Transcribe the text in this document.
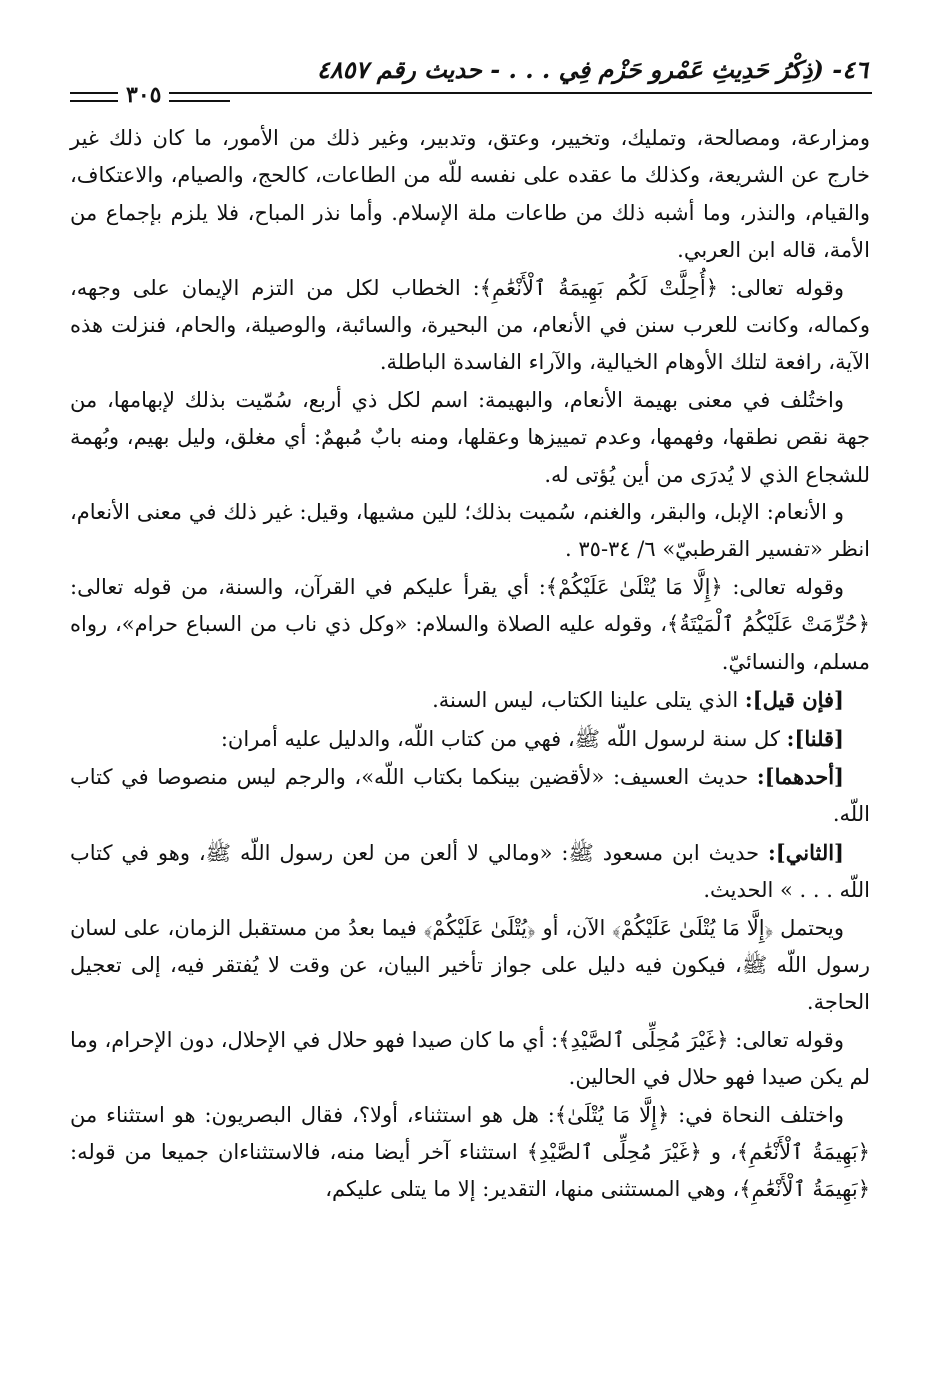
٤٦- (ذِكْرُ حَدِيثِ عَمْرو حَزْم فِي . . . - حديث رقم ٤٨٥٧
٣٠٥

ومزارعة، ومصالحة، وتمليك، وتخيير، وعتق، وتدبير، وغير ذلك من الأمور، ما كان ذلك غير خارج عن الشريعة، وكذلك ما عقده على نفسه للّه من الطاعات، كالحج، والصيام، والاعتكاف، والقيام، والنذر، وما أشبه ذلك من طاعات ملة الإسلام. وأما نذر المباح، فلا يلزم بإجماع من الأمة، قاله ابن العربي.

وقوله تعالى: ﴿أُحِلَّتْ لَكُم بَهِيمَةُ ٱلْأَنْعَٰمِ﴾: الخطاب لكل من التزم الإيمان على وجهه، وكماله، وكانت للعرب سنن في الأنعام، من البحيرة، والسائبة، والوصيلة، والحام، فنزلت هذه الآية، رافعة لتلك الأوهام الخيالية، والآراء الفاسدة الباطلة.

واختُلف في معنى بهيمة الأنعام، والبهيمة: اسم لكل ذي أربع، سُمّيت بذلك لإبهامها، من جهة نقص نطقها، وفهمها، وعدم تمييزها وعقلها، ومنه بابٌ مُبهمٌ: أي مغلق، وليل بهيم، وبُهمة للشجاع الذي لا يُدرَى من أين يُؤتى له.

و الأنعام: الإبل، والبقر، والغنم، سُميت بذلك؛ للين مشيها، وقيل: غير ذلك في معنى الأنعام، انظر «تفسير القرطبيّ» ٦/ ٣٤-٣٥ .

وقوله تعالى: ﴿إِلَّا مَا يُتْلَىٰ عَلَيْكُمْ﴾: أي يقرأ عليكم في القرآن، والسنة، من قوله تعالى: ﴿حُرِّمَتْ عَلَيْكُمُ ٱلْمَيْتَةُ﴾، وقوله عليه الصلاة والسلام: «وكل ذي ناب من السباع حرام»، رواه مسلم، والنسائيّ.

[فإن قيل]: الذي يتلى علينا الكتاب، ليس السنة.

[قلنا]: كل سنة لرسول اللّه ﷺ، فهي من كتاب اللّه، والدليل عليه أمران:

[أحدهما]: حديث العسيف: «لأقضين بينكما بكتاب اللّه»، والرجم ليس منصوصا في كتاب اللّه.

[الثاني]: حديث ابن مسعود ﷺ: «ومالي لا ألعن من لعن رسول اللّه ﷺ، وهو في كتاب اللّه . . . » الحديث.

ويحتمل ﴿إِلَّا مَا يُتْلَىٰ عَلَيْكُمْ﴾ الآن، أو ﴿يُتْلَىٰ عَلَيْكُمْ﴾ فيما بعدُ من مستقبل الزمان، على لسان رسول اللّه ﷺ، فيكون فيه دليل على جواز تأخير البيان، عن وقت لا يُفتقر فيه، إلى تعجيل الحاجة.

وقوله تعالى: ﴿غَيْرَ مُحِلِّى ٱلصَّيْدِ﴾: أي ما كان صيدا فهو حلال في الإحلال، دون الإحرام، وما لم يكن صيدا فهو حلال في الحالين.

واختلف النحاة في: ﴿إِلَّا مَا يُتْلَىٰ﴾: هل هو استثناء، أولا؟، فقال البصريون: هو استثناء من ﴿بَهِيمَةُ ٱلْأَنْعَٰمِ﴾، و ﴿غَيْرَ مُحِلِّى ٱلصَّيْدِ﴾ استثناء آخر أيضا منه، فالاستثناءان جميعا من قوله: ﴿بَهِيمَةُ ٱلْأَنْعَٰمِ﴾، وهي المستثنى منها، التقدير: إلا ما يتلى عليكم،
